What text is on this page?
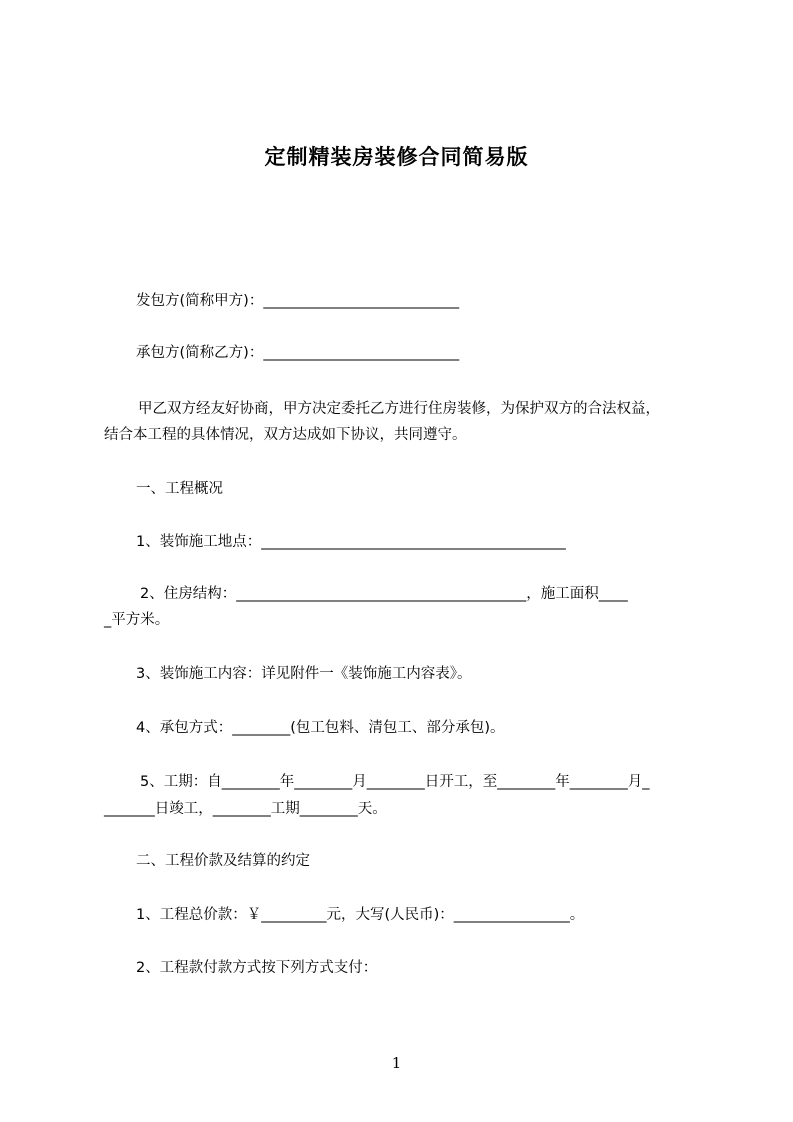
定制精装房装修合同简易版
发包方(简称甲方)：___________________________
承包方(简称乙方)：___________________________
甲乙双方经友好协商，甲方决定委托乙方进行住房装修，为保护双方的合法权益，
结合本工程的具体情况，双方达成如下协议，共同遵守。
一、工程概况
1、装饰施工地点：__________________________________________
2、住房结构：________________________________________，施工面积____
_平方米。
3、装饰施工内容：详见附件一《装饰施工内容表》。
4、承包方式：________(包工包料、清包工、部分承包)。
5、工期：自________年________月________日开工，至________年________月_
_______日竣工，________工期________天。
二、工程价款及结算的约定
1、工程总价款：￥_________元，大写(人民币)：________________。
2、工程款付款方式按下列方式支付：
1
